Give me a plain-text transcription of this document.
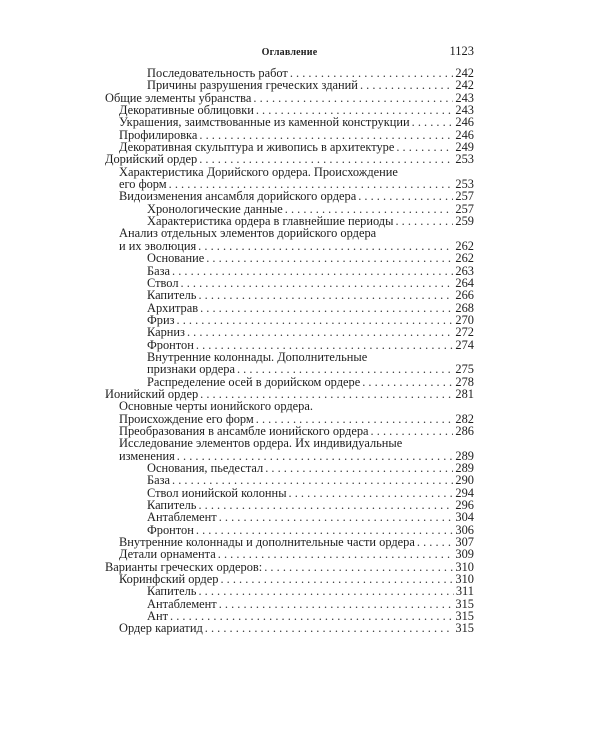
Оглавление	1123
Последовательность работ . . .	242
Причины разрушения греческих зданий . . .	242
Общие элементы убранства . . .	243
Декоративные облицовки . . .	243
Украшения, заимствованные из каменной конструкции . . .	246
Профилировка . . .	246
Декоративная скульптура и живопись в архитектуре . . .	249
Дорийский ордер . . .	253
Характеристика Дорийского ордера. Происхождение
его форм . . .	253
Видоизменения ансамбля дорийского ордера . . .	257
Хронологические данные . . .	257
Характеристика ордера в главнейшие периоды . . .	259
Анализ отдельных элементов дорийского ордера
и их эволюция . . .	262
Основание . . .	262
База . . .	263
Ствол . . .	264
Капитель . . .	266
Архитрав . . .	268
Фриз . . .	270
Карниз . . .	272
Фронтон . . .	274
Внутренние колоннады. Дополнительные
признаки ордера . . .	275
Распределение осей в дорийском ордере . . .	278
Ионийский ордер . . .	281
Основные черты ионийского ордера.
Происхождение его форм . . .	282
Преобразования в ансамбле ионийского ордера . . .	286
Исследование элементов ордера. Их индивидуальные
изменения . . .	289
Основания, пьедестал . . .	289
База . . .	290
Ствол ионийской колонны . . .	294
Капитель . . .	296
Антаблемент . . .	304
Фронтон . . .	306
Внутренние колоннады и дополнительные части ордера . . .	307
Детали орнамента . . .	309
Варианты греческих ордеров: . . .	310
Коринфский ордер . . .	310
Капитель . . .	311
Антаблемент . . .	315
Ант . . .	315
Ордер кариатид . . .	315
